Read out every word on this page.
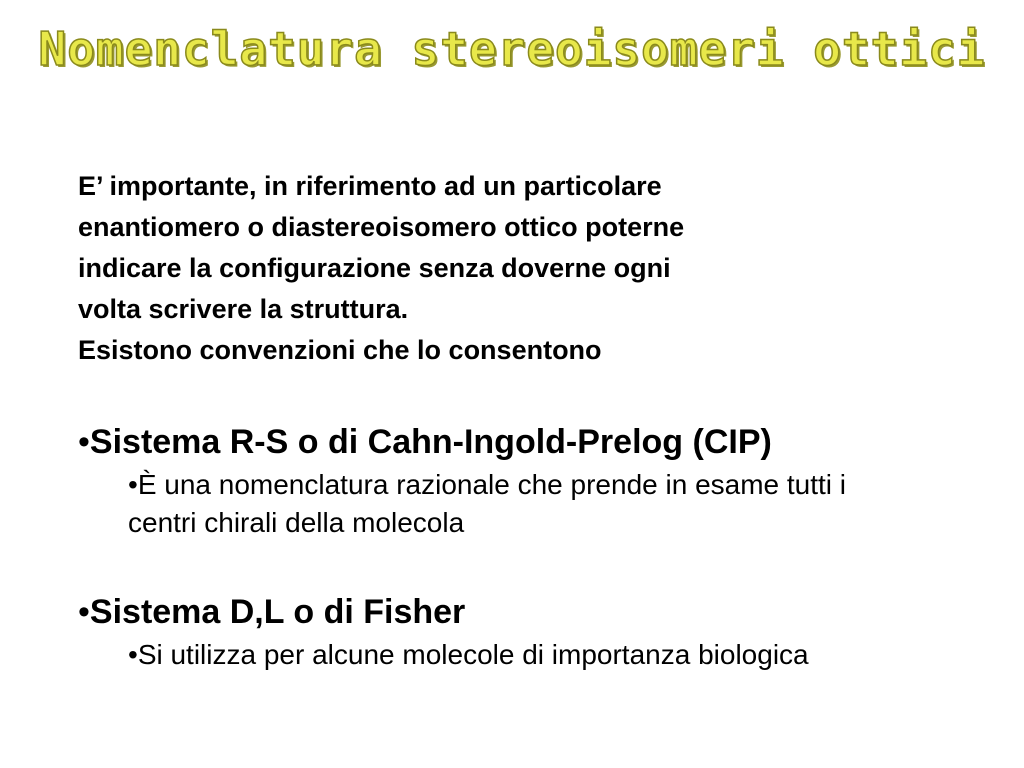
Nomenclatura stereoisomeri ottici

E’ importante, in riferimento ad un particolare

enantiomero o diastereoisomero ottico poterne

indicare la configurazione senza doverne ogni

volta scrivere la struttura.

Esistono convenzioni che lo consentono

•Sistema R-S o di Cahn-Ingold-Prelog (CIP)

•È una nomenclatura razionale che prende in esame tutti i centri chirali della molecola

•Sistema D,L o di Fisher

•Si utilizza per alcune molecole di importanza biologica
